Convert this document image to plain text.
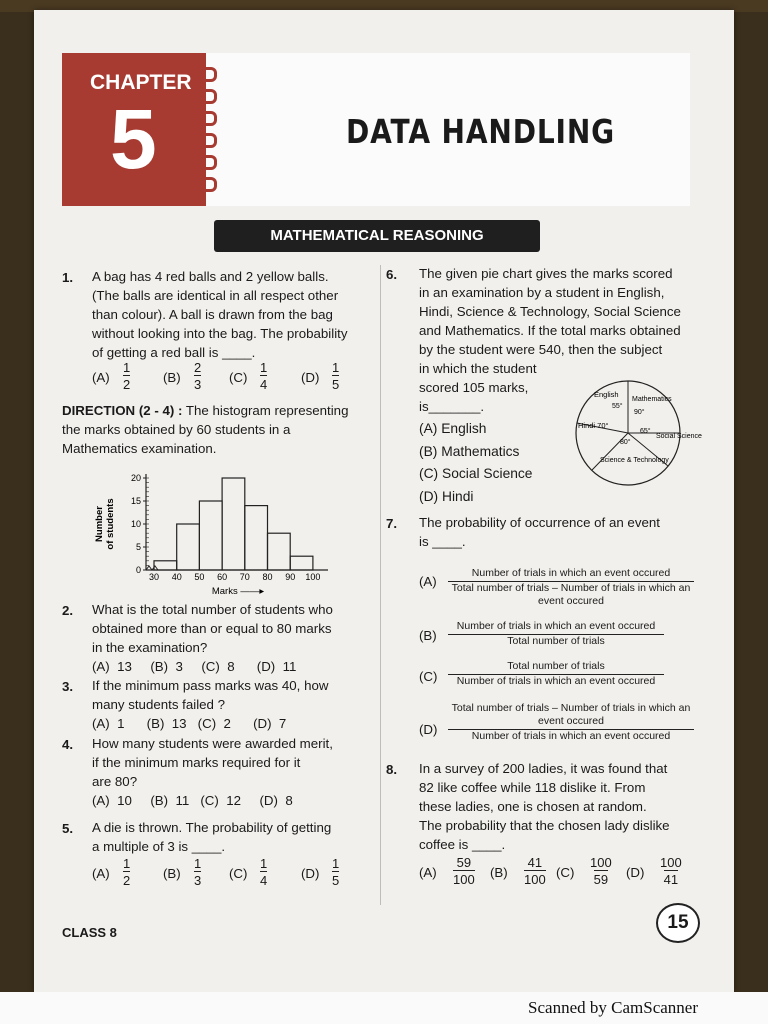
Scanned by CamScanner
CHAPTER
5	DATA HANDLING
MATHEMATICAL REASONING
1. A bag has 4 red balls and 2 yellow balls.
(The balls are identical in all respect other
than colour). A ball is drawn from the bag
without looking into the bag. The probability
of getting a red ball is ____.
$(A) \frac{1}{2} (B) \frac{2}{3} (C) \frac{1}{4}$	$(D) \frac{1}{5}$
DIRECTION (2 - 4) : The histogram representing
the marks obtained by 60 students in a
Mathematics examination.
0
5
10
15
20
30 40 50 60 70 80 90 100
Marks ——▸
Numberof students
2. What is the total number of students who
obtained more than or equal to 80 marks
in the examination?
(A)  13     (B)  3     (C)  8      (D)  11
3. If the minimum pass marks was 40, how
many students failed ?
(A)  1      (B)  13   (C)  2      (D)  7
4. How many students were awarded merit,
if the minimum marks required for it
are 80?
(A)  10     (B)  11   (C)  12     (D)  8
5. A die is thrown. The probability of getting
a multiple of 3 is ____.
$(A) \frac{1}{2} (B) \frac{1}{3} (C) \frac{1}{4}$	$(D) \frac{1}{5}$
6. The given pie chart gives the marks scored
in an examination by a student in English,
Hindi, Science & Technology, Social Science
and Mathematics. If the total marks obtained
by the student were 540, then the subject
in which the student
scored 105 marks,
is_______.
(A) English
(B) Mathematics
(C) Social Science
(D) Hindi
English
55°
Mathematics
90°
Hindi 70°
65°
Social Science
80°
Science & Technology
7. The probability of occurrence of an event
is ____.
(A)
Number of trials in which an event occured
Total number of trials – Number of trials in which an event occured
(B)
Number of trials in which an event occured
Total number of trials
(C)
Total number of trials
Number of trials in which an event occured
(D)
Total number of trials – Number of trials in which an event occured
Number of trials in which an event occured
8. In a survey of 200 ladies, it was found that
82 like coffee while 118 dislike it. From
these ladies, one is chosen at random.
The probability that the chosen lady dislike
coffee is ____.
$(A) \frac{59}{100} (B) \frac{41}{100} (C) \frac{100}{59} (D) \frac{100}{41}$
CLASS 8	15
